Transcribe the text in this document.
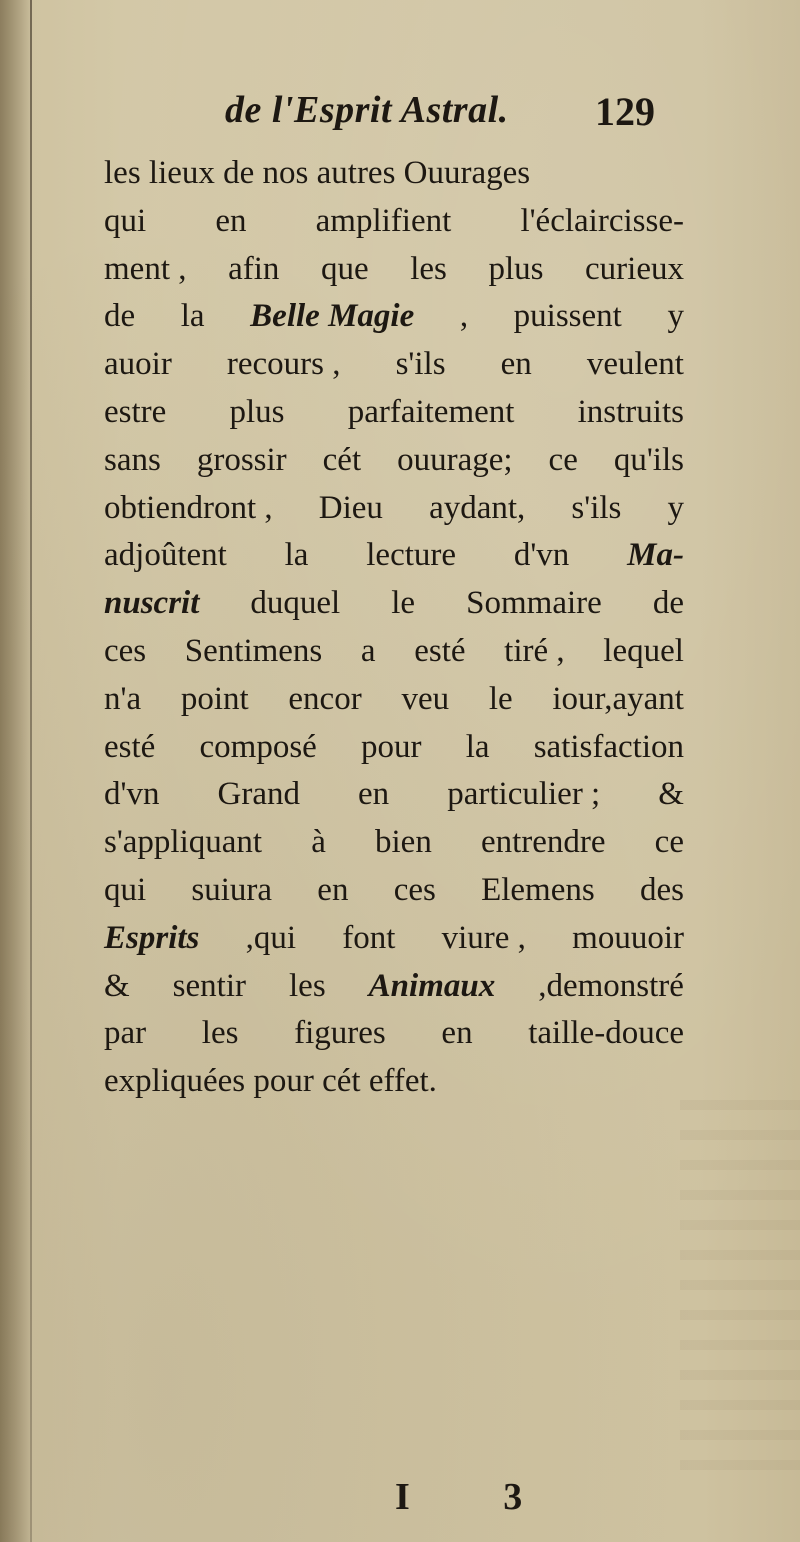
de l'Esprit Astral. 129
les lieux de nos autres Ouurages
qui en amplifient l'éclaircisse-
ment , afin que les plus curieux
de la Belle Magie , puissent y
auoir recours , s'ils en veulent
estre plus parfaitement instruits
sans grossir cét ouurage; ce qu'ils
obtiendront , Dieu aydant, s'ils y
adjoûtent la lecture d'vn Ma-
nuscrit duquel le Sommaire de
ces Sentimens a esté tiré , lequel
n'a point encor veu le iour,ayant
esté composé pour la satisfaction
d'vn Grand en particulier ; &
s'appliquant à bien entrendre ce
qui suiura en ces Elemens des
Esprits ,qui font viure , mouuoir
& sentir les Animaux ,demonstré
par les figures en taille-douce
expliquées pour cét effet.
I 3
